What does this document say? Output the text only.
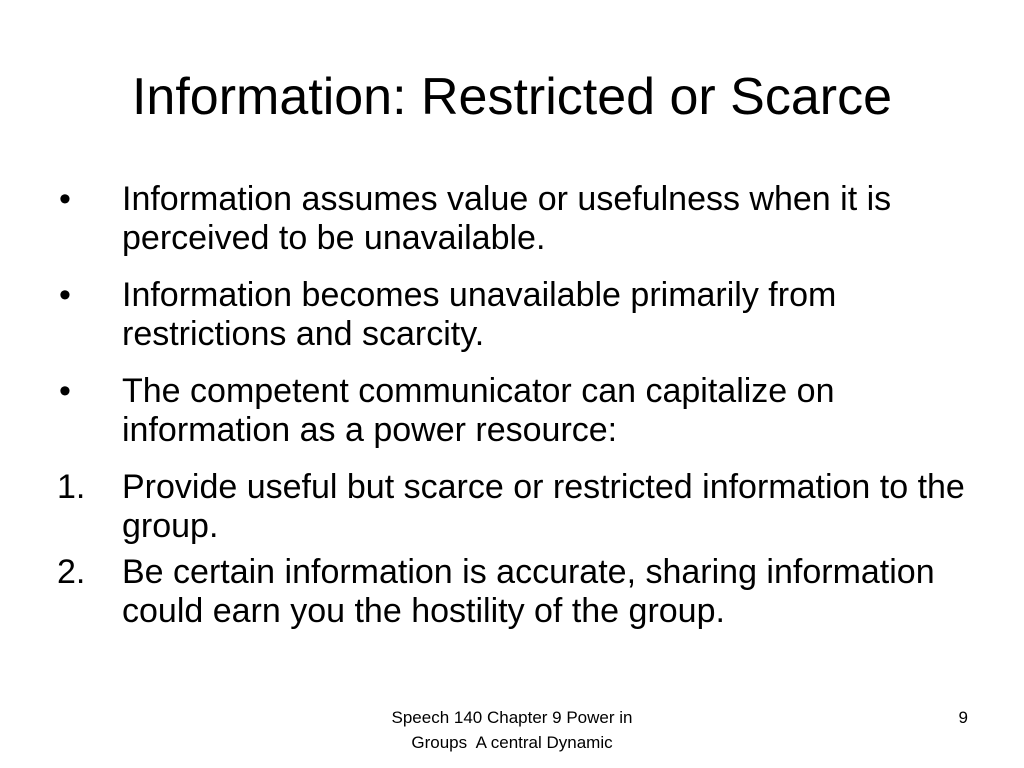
Information: Restricted or Scarce
•	Information assumes value or usefulness when it is perceived to be unavailable.
•	Information becomes unavailable primarily from restrictions and scarcity.
•	The competent communicator can capitalize on information as a power resource:
1.	Provide useful but scarce or restricted information to the group.
2.	Be certain information is accurate, sharing information could earn you the hostility of the group.
Speech 140 Chapter 9 Power in
Groups  A central Dynamic
9
